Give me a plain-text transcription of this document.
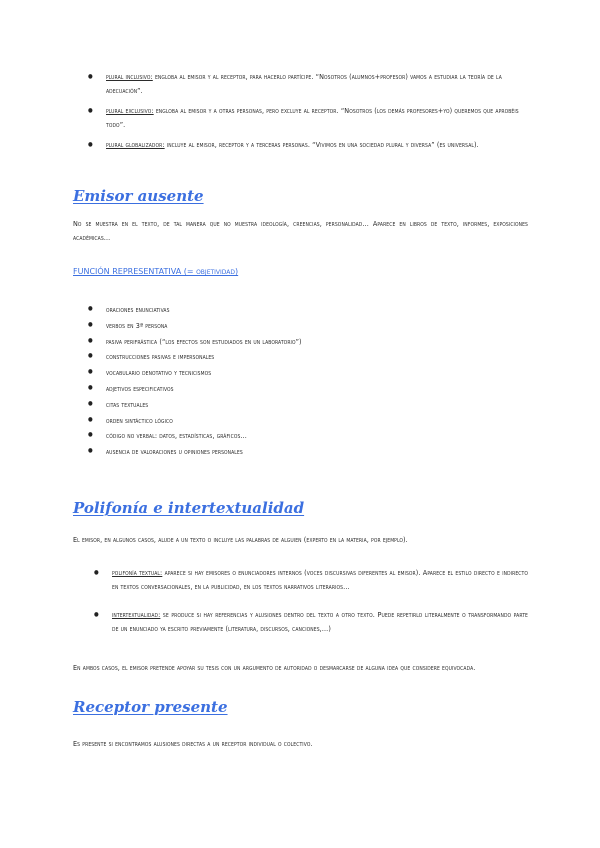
● plural inclusivo: engloba al emisor y al receptor, para hacerlo partícipe. “Nosotros (alumnos+profesor) vamos a estudiar la teoría de la adecuación”.
● plural exclusivo: engloba al emisor y a otras personas, pero excluye al receptor. “Nosotros (los demás profesores+yo) queremos que aprobéis todo”.
● plural globalizador: incluye al emisor, receptor y a terceras personas. “Vivimos en una sociedad plural y diversa” (es universal).
Emisor ausente
No se muestra en el texto, de tal manera que no muestra ideología, creencias, personalidad… Aparece en libros de texto, informes, exposiciones académicas…
FUNCIÓN REPRESENTATIVA (= objetividad)
● oraciones enunciativas
● verbos en 3ª persona
● pasiva perifrástica (“los efectos son estudiados en un laboratorio”)
● construcciones pasivas e impersonales
● vocabulario denotativo y tecnicismos
● adjetivos especificativos
● citas textuales
● orden sintáctico lógico
● código no verbal: datos, estadísticas, gráficos…
● ausencia de valoraciones u opiniones personales
Polifonía e intertextualidad
El emisor, en algunos casos, alude a un texto o incluye las palabras de alguien (experto en la materia, por ejemplo).
● polifonía textual: aparece si hay emisores o enunciadores internos (voces discursivas diferentes al emisor). Aparece el estilo directo e indirecto en textos conversacionales, en la publicidad, en los textos narrativos literarios…
● intertextualidad: se produce si hay referencias y alusiones dentro del texto a otro texto. Puede repetirlo literalmente o transformando parte de un enunciado ya escrito previamente (literatura, discursos, canciones,…)
En ambos casos, el emisor pretende apoyar su tesis con un argumento de autoridad o desmarcarse de alguna idea que considere equivocada.
Receptor presente
Es presente si encontramos alusiones directas a un receptor individual o colectivo.
